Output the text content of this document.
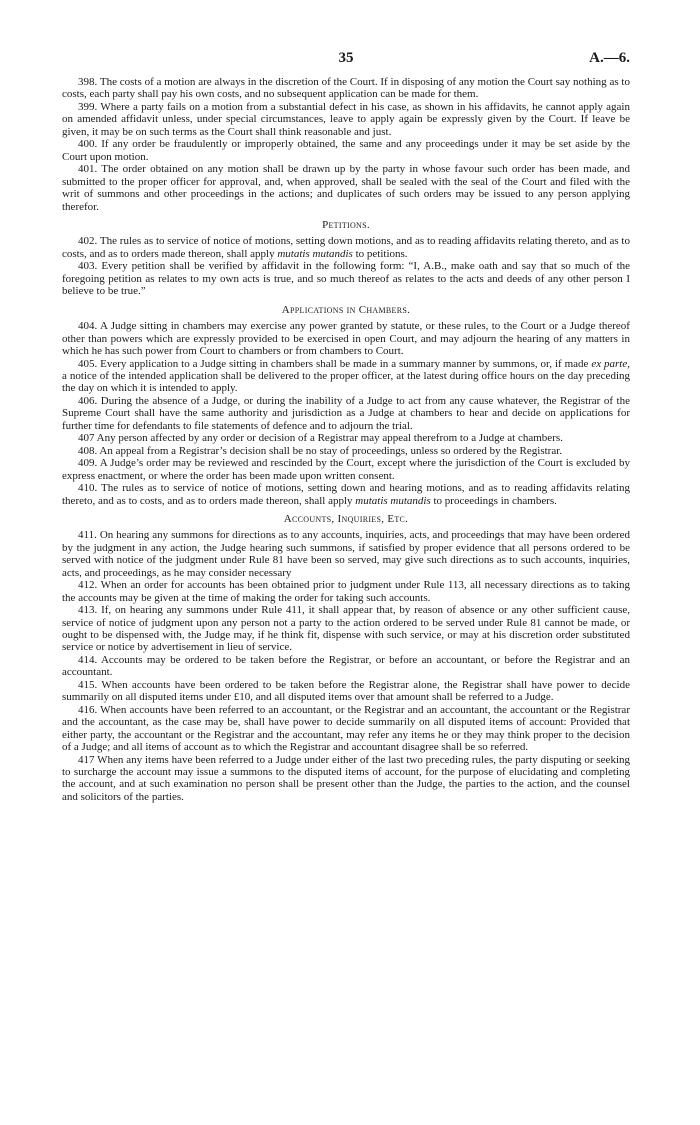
35	A.—6.

398. The costs of a motion are always in the discretion of the Court. If in disposing of any motion the Court say nothing as to costs, each party shall pay his own costs, and no subsequent application can be made for them.

399. Where a party fails on a motion from a substantial defect in his case, as shown in his affidavits, he cannot apply again on amended affidavit unless, under special circumstances, leave to apply again be expressly given by the Court. If leave be given, it may be on such terms as the Court shall think reasonable and just.

400. If any order be fraudulently or improperly obtained, the same and any proceedings under it may be set aside by the Court upon motion.

401. The order obtained on any motion shall be drawn up by the party in whose favour such order has been made, and submitted to the proper officer for approval, and, when approved, shall be sealed with the seal of the Court and filed with the writ of summons and other proceedings in the actions; and duplicates of such orders may be issued to any person applying therefor.

Petitions.

402. The rules as to service of notice of motions, setting down motions, and as to reading affidavits relating thereto, and as to costs, and as to orders made thereon, shall apply mutatis mutandis to petitions.

403. Every petition shall be verified by affidavit in the following form: “I, A.B., make oath and say that so much of the foregoing petition as relates to my own acts is true, and so much thereof as relates to the acts and deeds of any other person I believe to be true.”

Applications in Chambers.

404. A Judge sitting in chambers may exercise any power granted by statute, or these rules, to the Court or a Judge thereof other than powers which are expressly provided to be exercised in open Court, and may adjourn the hearing of any matters in which he has such power from Court to chambers or from chambers to Court.

405. Every application to a Judge sitting in chambers shall be made in a summary manner by summons, or, if made ex parte, a notice of the intended application shall be delivered to the proper officer, at the latest during office hours on the day preceding the day on which it is intended to apply.

406. During the absence of a Judge, or during the inability of a Judge to act from any cause whatever, the Registrar of the Supreme Court shall have the same authority and jurisdiction as a Judge at chambers to hear and decide on applications for further time for defendants to file statements of defence and to adjourn the trial.

407 Any person affected by any order or decision of a Registrar may appeal therefrom to a Judge at chambers.

408. An appeal from a Registrar’s decision shall be no stay of proceedings, unless so ordered by the Registrar.

409. A Judge’s order may be reviewed and rescinded by the Court, except where the jurisdiction of the Court is excluded by express enactment, or where the order has been made upon written consent.

410. The rules as to service of notice of motions, setting down and hearing motions, and as to reading affidavits relating thereto, and as to costs, and as to orders made thereon, shall apply mutatis mutandis to proceedings in chambers.

Accounts, Inquiries, Etc.

411. On hearing any summons for directions as to any accounts, inquiries, acts, and proceedings that may have been ordered by the judgment in any action, the Judge hearing such summons, if satisfied by proper evidence that all persons ordered to be served with notice of the judgment under Rule 81 have been so served, may give such directions as to such accounts, inquiries, acts, and proceedings, as he may consider necessary

412. When an order for accounts has been obtained prior to judgment under Rule 113, all necessary directions as to taking the accounts may be given at the time of making the order for taking such accounts.

413. If, on hearing any summons under Rule 411, it shall appear that, by reason of absence or any other sufficient cause, service of notice of judgment upon any person not a party to the action ordered to be served under Rule 81 cannot be made, or ought to be dispensed with, the Judge may, if he think fit, dispense with such service, or may at his discretion order substituted service or notice by advertisement in lieu of service.

414. Accounts may be ordered to be taken before the Registrar, or before an accountant, or before the Registrar and an accountant.

415. When accounts have been ordered to be taken before the Registrar alone, the Registrar shall have power to decide summarily on all disputed items under £10, and all disputed items over that amount shall be referred to a Judge.

416. When accounts have been referred to an accountant, or the Registrar and an accountant, the accountant or the Registrar and the accountant, as the case may be, shall have power to decide summarily on all disputed items of account: Provided that either party, the accountant or the Registrar and the accountant, may refer any items he or they may think proper to the decision of a Judge; and all items of account as to which the Registrar and accountant disagree shall be so referred.

417 When any items have been referred to a Judge under either of the last two preceding rules, the party disputing or seeking to surcharge the account may issue a summons to the disputed items of account, for the purpose of elucidating and completing the account, and at such examination no person shall be present other than the Judge, the parties to the action, and the counsel and solicitors of the parties.
